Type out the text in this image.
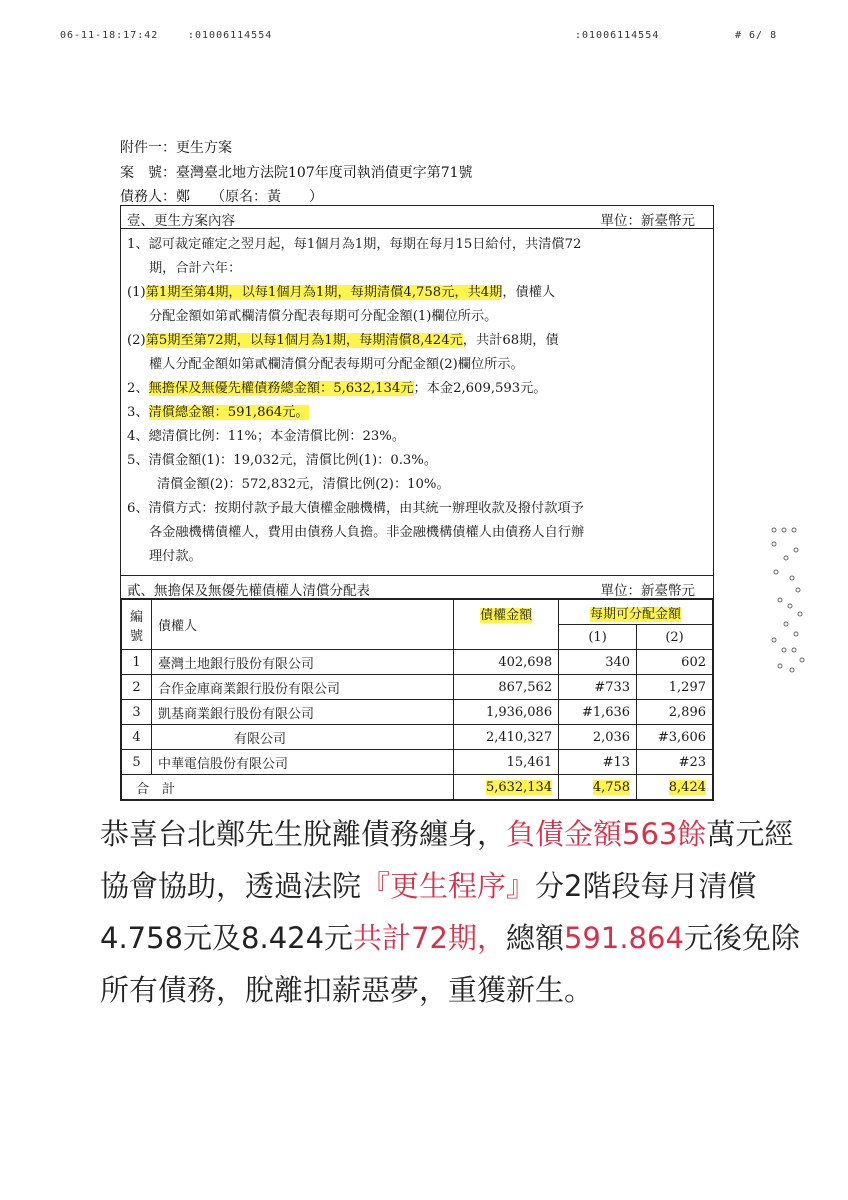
06-11-18:17:42	:01006114554	:01006114554	# 6/ 8
附件一：更生方案
案　號：臺灣臺北地方法院107年度司執消債更字第71號
債務人：鄭　　（原名：黃　　）
壹、更生方案內容	單位：新臺幣元
1、認可裁定確定之翌月起，每1個月為1期，每期在每月15日給付，共清償72
期，合計六年：
(1)第1期至第4期，以每1個月為1期，每期清償4,758元，共4期，債權人
分配金額如第貳欄清償分配表每期可分配金額(1)欄位所示。
(2)第5期至第72期，以每1個月為1期，每期清償8,424元，共計68期，債
權人分配金額如第貳欄清償分配表每期可分配金額(2)欄位所示。
2、無擔保及無優先權債務總金額：5,632,134元；本金2,609,593元。
3、清償總金額：591,864元。
4、總清償比例：11%；本金清償比例：23%。
5、清償金額(1)：19,032元，清償比例(1)：0.3%。
清償金額(2)：572,832元，清償比例(2)：10%。
6、清償方式：按期付款予最大債權金融機構，由其統一辦理收款及撥付款項予
各金融機構債權人，費用由債務人負擔。非金融機構債權人由債務人自行辦
理付款。
貳、無擔保及無優先權債權人清償分配表	單位：新臺幣元
編號	債權人	債權金額	每期可分配金額	
			(1)	(2)
1	臺灣土地銀行股份有限公司	402,698	340	602
2	合作金庫商業銀行股份有限公司	867,562	#733	1,297
3	凱基商業銀行股份有限公司	1,936,086	#1,636	2,896
4	有限公司	2,410,327	2,036	#3,606
5	中華電信股份有限公司	15,461	#13	#23
合　計		5,632,134	4,758	8,424
恭喜台北鄭先生脫離債務纏身，負債金額563餘萬元經協會協助，透過法院『更生程序』分2階段每月清償4.758元及8.424元共計72期，總額591.864元後免除所有債務，脫離扣薪惡夢，重獲新生。
